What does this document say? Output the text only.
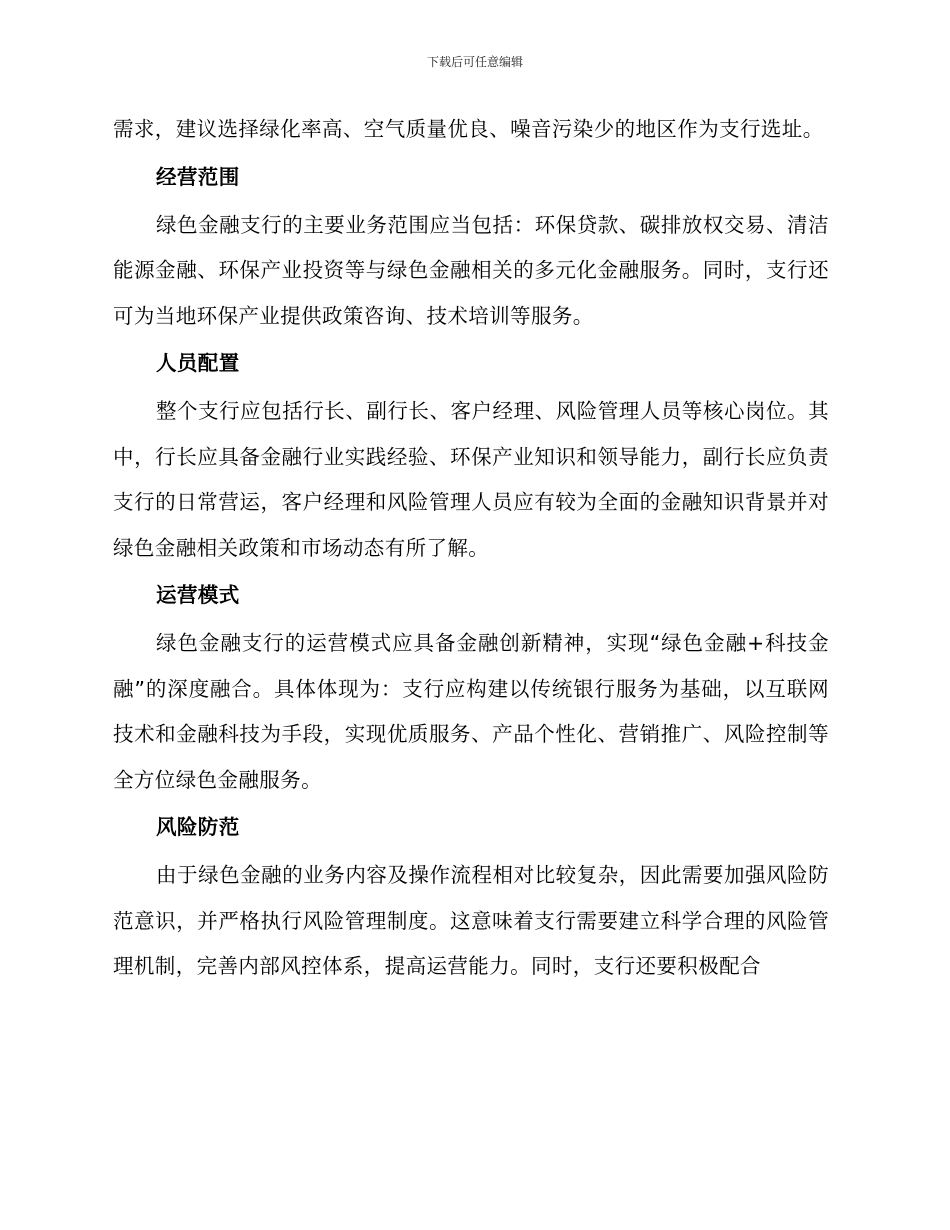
下载后可任意编辑

需求，建议选择绿化率高、空气质量优良、噪音污染少的地区作为支行选址。

经营范围

绿色金融支行的主要业务范围应当包括：环保贷款、碳排放权交易、清洁能源金融、环保产业投资等与绿色金融相关的多元化金融服务。同时，支行还可为当地环保产业提供政策咨询、技术培训等服务。

人员配置

整个支行应包括行长、副行长、客户经理、风险管理人员等核心岗位。其中，行长应具备金融行业实践经验、环保产业知识和领导能力，副行长应负责支行的日常营运，客户经理和风险管理人员应有较为全面的金融知识背景并对绿色金融相关政策和市场动态有所了解。

运营模式

绿色金融支行的运营模式应具备金融创新精神，实现“绿色金融+科技金融”的深度融合。具体体现为：支行应构建以传统银行服务为基础，以互联网技术和金融科技为手段，实现优质服务、产品个性化、营销推广、风险控制等全方位绿色金融服务。

风险防范

由于绿色金融的业务内容及操作流程相对比较复杂，因此需要加强风险防范意识，并严格执行风险管理制度。这意味着支行需要建立科学合理的风险管理机制，完善内部风控体系，提高运营能力。同时，支行还要积极配合
